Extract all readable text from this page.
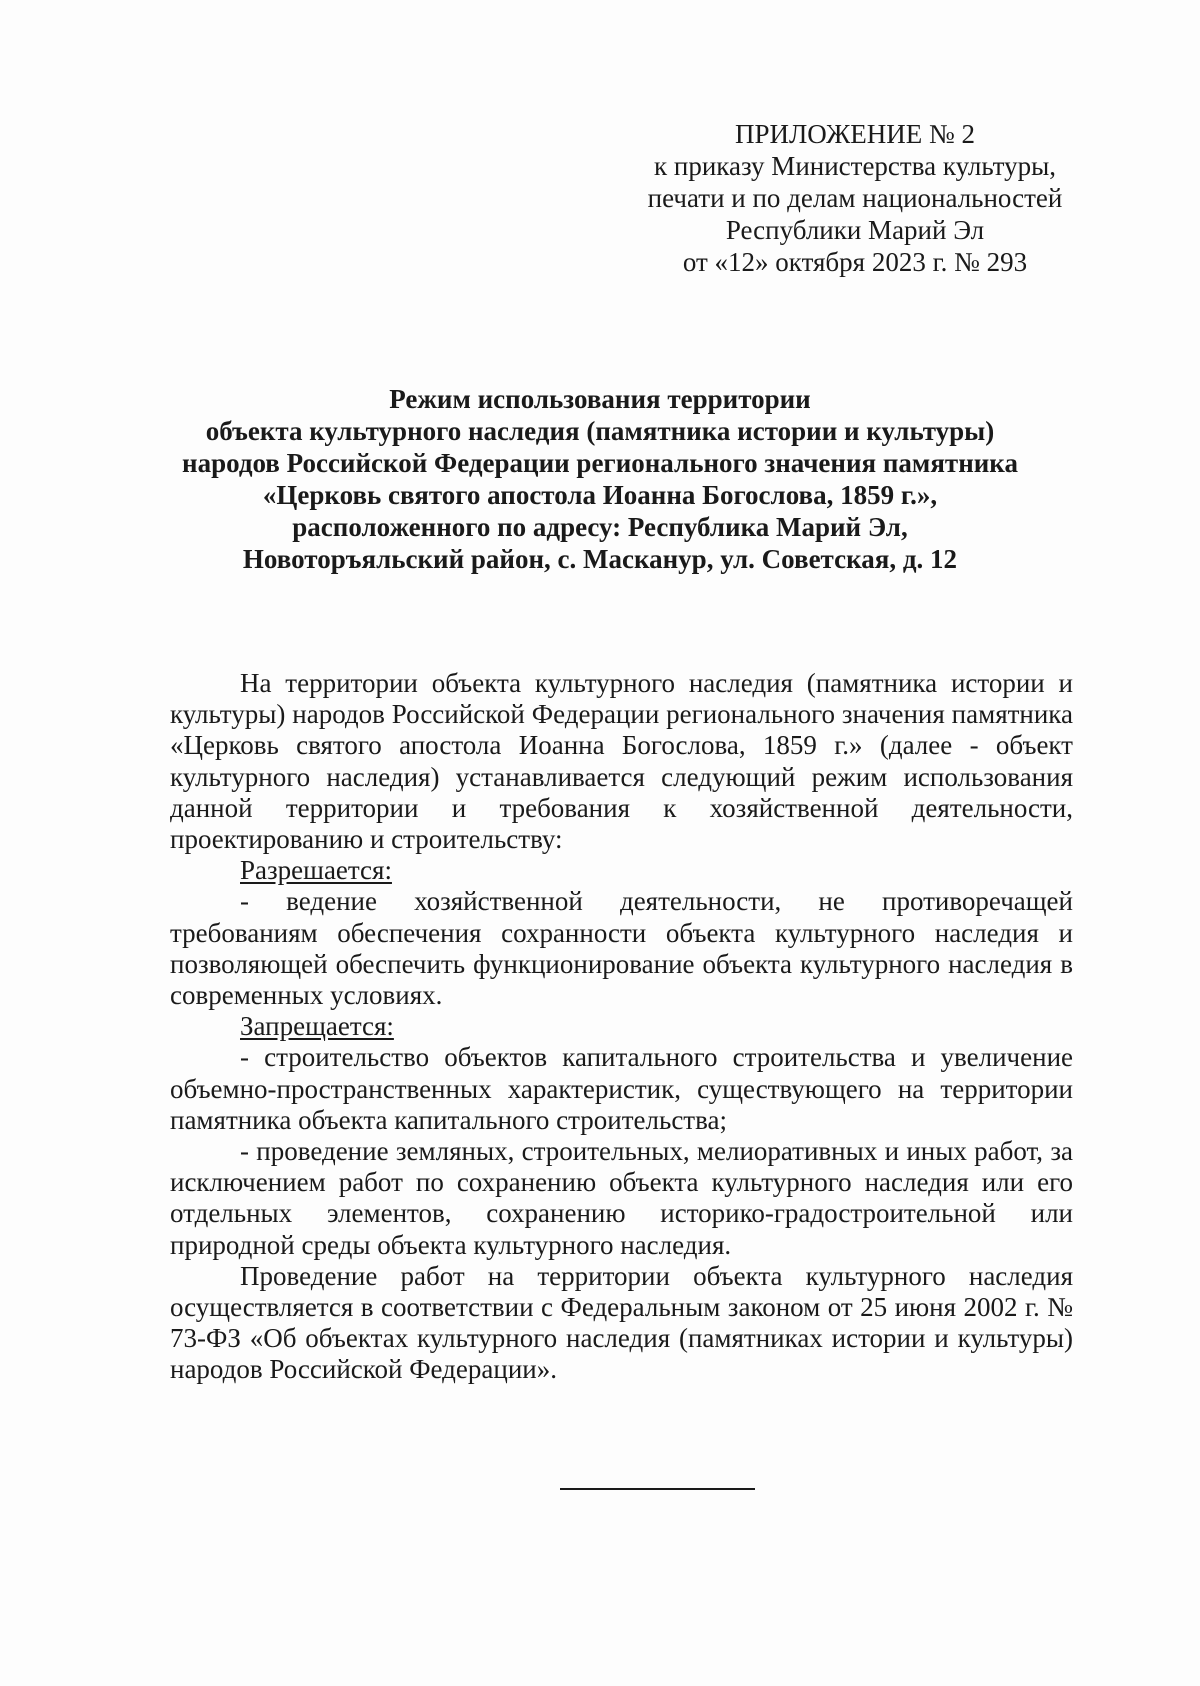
ПРИЛОЖЕНИЕ № 2
к приказу Министерства культуры,
печати и по делам национальностей
Республики Марий Эл
от «12» октября 2023 г. № 293
Режим использования территории
объекта культурного наследия (памятника истории и культуры)
народов Российской Федерации регионального значения памятника
«Церковь святого апостола Иоанна Богослова, 1859 г.»,
расположенного по адресу: Республика Марий Эл,
Новоторъяльский район, с. Масканур, ул. Советская, д. 12

На территории объекта культурного наследия (памятника истории и культуры) народов Российской Федерации регионального значения памятника «Церковь святого апостола Иоанна Богослова, 1859 г.» (далее - объект культурного наследия) устанавливается следующий режим использования данной территории и требования к хозяйственной деятельности, проектированию и строительству:

Разрешается:

- ведение хозяйственной деятельности, не противоречащей требованиям обеспечения сохранности объекта культурного наследия и позволяющей обеспечить функционирование объекта культурного наследия в современных условиях.

Запрещается:

- строительство объектов капитального строительства и увеличение объемно-пространственных характеристик, существующего на территории памятника объекта капитального строительства;

- проведение земляных, строительных, мелиоративных и иных работ, за исключением работ по сохранению объекта культурного наследия или его отдельных элементов, сохранению историко-градостроительной или природной среды объекта культурного наследия.

Проведение работ на территории объекта культурного наследия осуществляется в соответствии с Федеральным законом от 25 июня 2002 г. № 73-ФЗ «Об объектах культурного наследия (памятниках истории и культуры) народов Российской Федерации».
